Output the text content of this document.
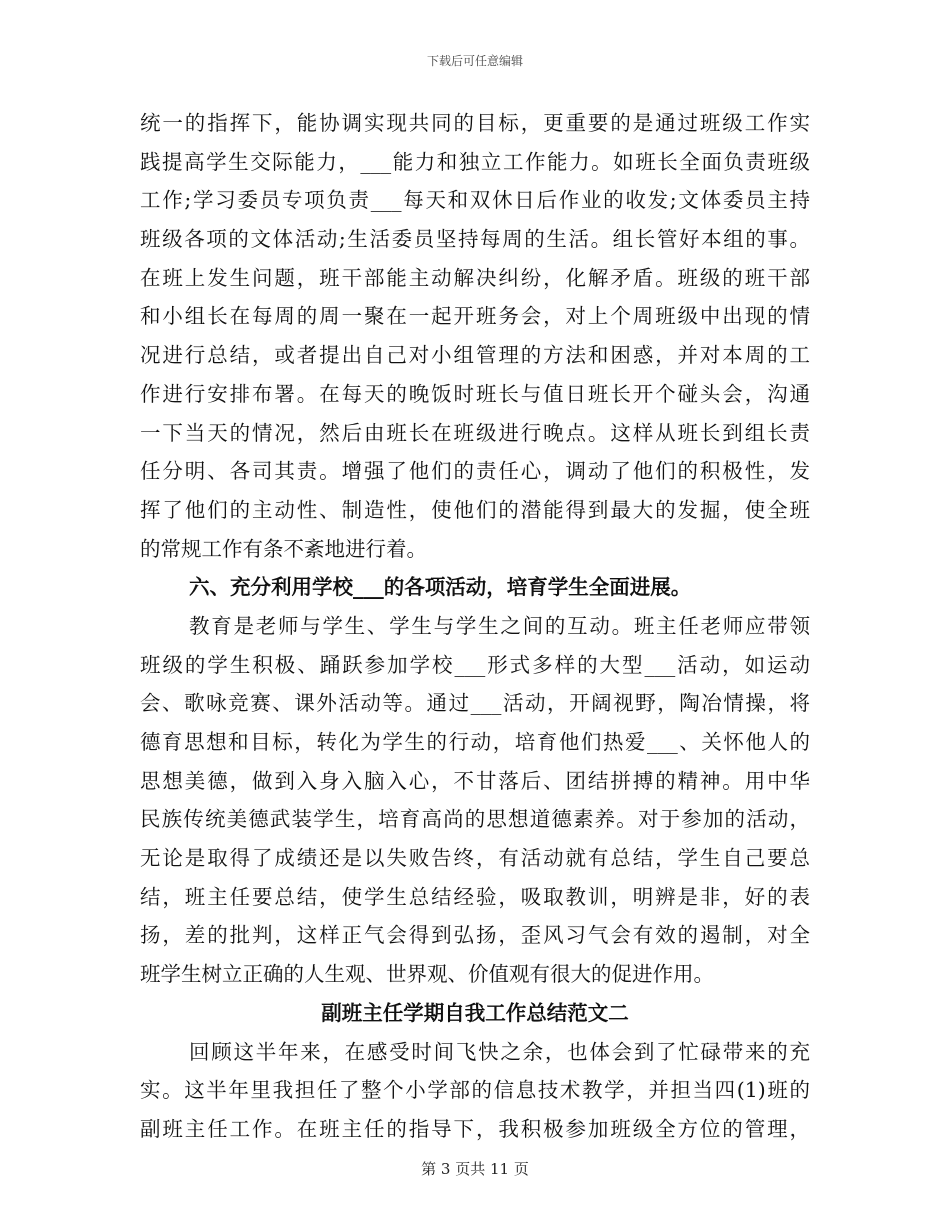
下载后可任意编辑
统一的指挥下，能协调实现共同的目标，更重要的是通过班级工作实
践提高学生交际能力，___能力和独立工作能力。如班长全面负责班级
工作;学习委员专项负责___每天和双休日后作业的收发;文体委员主持
班级各项的文体活动;生活委员坚持每周的生活。组长管好本组的事。
在班上发生问题，班干部能主动解决纠纷，化解矛盾。班级的班干部
和小组长在每周的周一聚在一起开班务会，对上个周班级中出现的情
况进行总结，或者提出自己对小组管理的方法和困惑，并对本周的工
作进行安排布署。在每天的晚饭时班长与值日班长开个碰头会，沟通
一下当天的情况，然后由班长在班级进行晚点。这样从班长到组长责
任分明、各司其责。增强了他们的责任心，调动了他们的积极性，发
挥了他们的主动性、制造性，使他们的潜能得到最大的发掘，使全班
的常规工作有条不紊地进行着。
六、充分利用学校___的各项活动，培育学生全面进展。
教育是老师与学生、学生与学生之间的互动。班主任老师应带领
班级的学生积极、踊跃参加学校___形式多样的大型___活动，如运动
会、歌咏竞赛、课外活动等。通过___活动，开阔视野，陶冶情操，将
德育思想和目标，转化为学生的行动，培育他们热爱___、关怀他人的
思想美德，做到入身入脑入心，不甘落后、团结拼搏的精神。用中华
民族传统美德武装学生，培育高尚的思想道德素养。对于参加的活动，
无论是取得了成绩还是以失败告终，有活动就有总结，学生自己要总
结，班主任要总结，使学生总结经验，吸取教训，明辨是非，好的表
扬，差的批判，这样正气会得到弘扬，歪风习气会有效的遏制，对全
班学生树立正确的人生观、世界观、价值观有很大的促进作用。
副班主任学期自我工作总结范文二
回顾这半年来，在感受时间飞快之余，也体会到了忙碌带来的充
实。这半年里我担任了整个小学部的信息技术教学，并担当四(1)班的
副班主任工作。在班主任的指导下，我积极参加班级全方位的管理，
第 3 页共 11 页
